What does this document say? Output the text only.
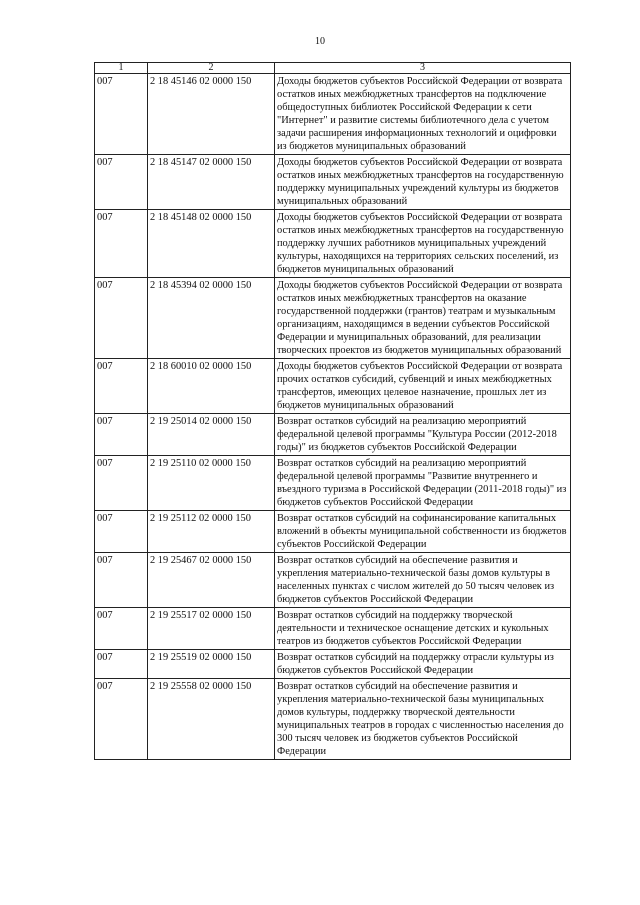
10
1	2	3
007	2 18 45146 02 0000 150	Доходы бюджетов субъектов Российской Федерации от возврата остатков иных межбюджетных трансфертов на подключение общедоступных библиотек Российской Федерации к сети "Интернет" и развитие системы библиотечного дела с учетом задачи расширения информационных технологий и оцифровки из бюджетов муниципальных образований
007	2 18 45147 02 0000 150	Доходы бюджетов субъектов Российской Федерации от возврата остатков иных межбюджетных трансфертов на государственную поддержку муниципальных учреждений культуры из бюджетов муниципальных образований
007	2 18 45148 02 0000 150	Доходы бюджетов субъектов Российской Федерации от возврата остатков иных межбюджетных трансфертов на государственную поддержку лучших работников муниципальных учреждений культуры, находящихся на территориях сельских поселений, из бюджетов муниципальных образований
007	2 18 45394 02 0000 150	Доходы бюджетов субъектов Российской Федерации от возврата остатков иных межбюджетных трансфертов на оказание государственной поддержки (грантов) театрам и музыкальным организациям, находящимся в ведении субъектов Российской Федерации и муниципальных образований, для реализации творческих проектов из бюджетов муниципальных образований
007	2 18 60010 02 0000 150	Доходы бюджетов субъектов Российской Федерации от возврата прочих остатков субсидий, субвенций и иных межбюджетных трансфертов, имеющих целевое назначение, прошлых лет из бюджетов муниципальных образований
007	2 19 25014 02 0000 150	Возврат остатков субсидий на реализацию мероприятий федеральной целевой программы "Культура России (2012-2018 годы)" из бюджетов субъектов Российской Федерации
007	2 19 25110 02 0000 150	Возврат остатков субсидий на реализацию мероприятий федеральной целевой программы "Развитие внутреннего и въездного туризма в Российской Федерации (2011-2018 годы)" из бюджетов субъектов Российской Федерации
007	2 19 25112 02 0000 150	Возврат остатков субсидий на софинансирование капитальных вложений в объекты муниципальной собственности из бюджетов субъектов Российской Федерации
007	2 19 25467 02 0000 150	Возврат остатков субсидий на обеспечение развития и укрепления материально-технической базы домов культуры в населенных пунктах с числом жителей до 50 тысяч человек из бюджетов субъектов Российской Федерации
007	2 19 25517 02 0000 150	Возврат остатков субсидий на поддержку творческой деятельности и техническое оснащение детских и кукольных театров из бюджетов субъектов Российской Федерации
007	2 19 25519 02 0000 150	Возврат остатков субсидий на поддержку отрасли культуры из бюджетов субъектов Российской Федерации
007	2 19 25558 02 0000 150	Возврат остатков субсидий на обеспечение развития и укрепления материально-технической базы муниципальных домов культуры, поддержку творческой деятельности муниципальных театров в городах с численностью населения до 300 тысяч человек из бюджетов субъектов Российской Федерации
